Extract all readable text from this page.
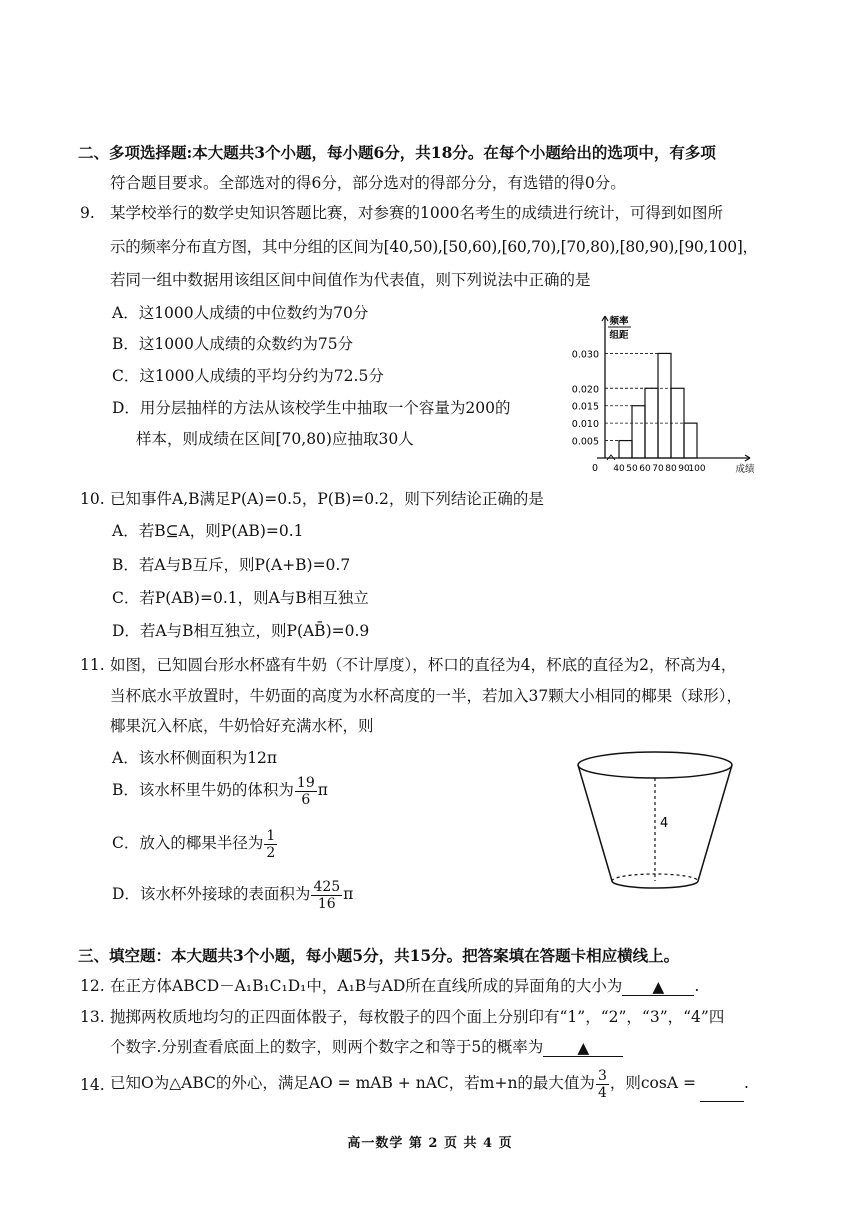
二、多项选择题:本大题共3个小题，每小题6分，共18分。在每个小题给出的选项中，有多项
符合题目要求。全部选对的得6分，部分选对的得部分分，有选错的得0分。
9. 某学校举行的数学史知识答题比赛，对参赛的1000名考生的成绩进行统计，可得到如图所
示的频率分布直方图，其中分组的区间为[40,50),[50,60),[60,70),[70,80),[80,90),[90,100]，
若同一组中数据用该组区间中间值作为代表值，则下列说法中正确的是
A．这1000人成绩的中位数约为70分
B．这1000人成绩的众数约为75分
C．这1000人成绩的平均分约为72.5分
D．用分层抽样的方法从该校学生中抽取一个容量为200的
样本，则成绩在区间[70,80)应抽取30人	0.005
0.010
0.015
0.020
0.030
40 50 60 70 80 90
100
0	成绩
频率
组距
10. 已知事件A,B满足P(A)=0.5，P(B)=0.2，则下列结论正确的是
A．若B⊆A，则P(AB)=0.1
B．若A与B互斥，则P(A+B)=0.7
C．若P(AB)=0.1，则A与B相互独立
D．若A与B相互独立，则P(AB̄)=0.9
11. 如图，已知圆台形水杯盛有牛奶（不计厚度），杯口的直径为4，杯底的直径为2，杯高为4，
当杯底水平放置时，牛奶面的高度为水杯高度的一半，若加入37颗大小相同的椰果（球形），
椰果沉入杯底，牛奶恰好充满水杯，则
A．该水杯侧面积为12π
B．该水杯里牛奶的体积为 $\frac{19}{6}$ π
C．放入的椰果半径为 $\frac{1}{2}$
D．该水杯外接球的表面积为 $\frac{425}{16}$ π
4
三、填空题：本大题共3个小题，每小题5分，共15分。把答案填在答题卡相应横线上。
12. 在正方体ABCD－A₁B₁C₁D₁中，A₁B与AD所在直线所成的异面角的大小为 ▲ .
13. 抛掷两枚质地均匀的正四面体骰子，每枚骰子的四个面上分别印有“1”，“2”，“3”，“4”四
个数字.分别查看底面上的数字，则两个数字之和等于5的概率为 ▲
14. 已知O为△ABC的外心，满足AO = mAB + nAC，若m+n的最大值为 $\frac{3}{4}$ ，则cosA =	.
高一数学 第 2 页 共 4 页
